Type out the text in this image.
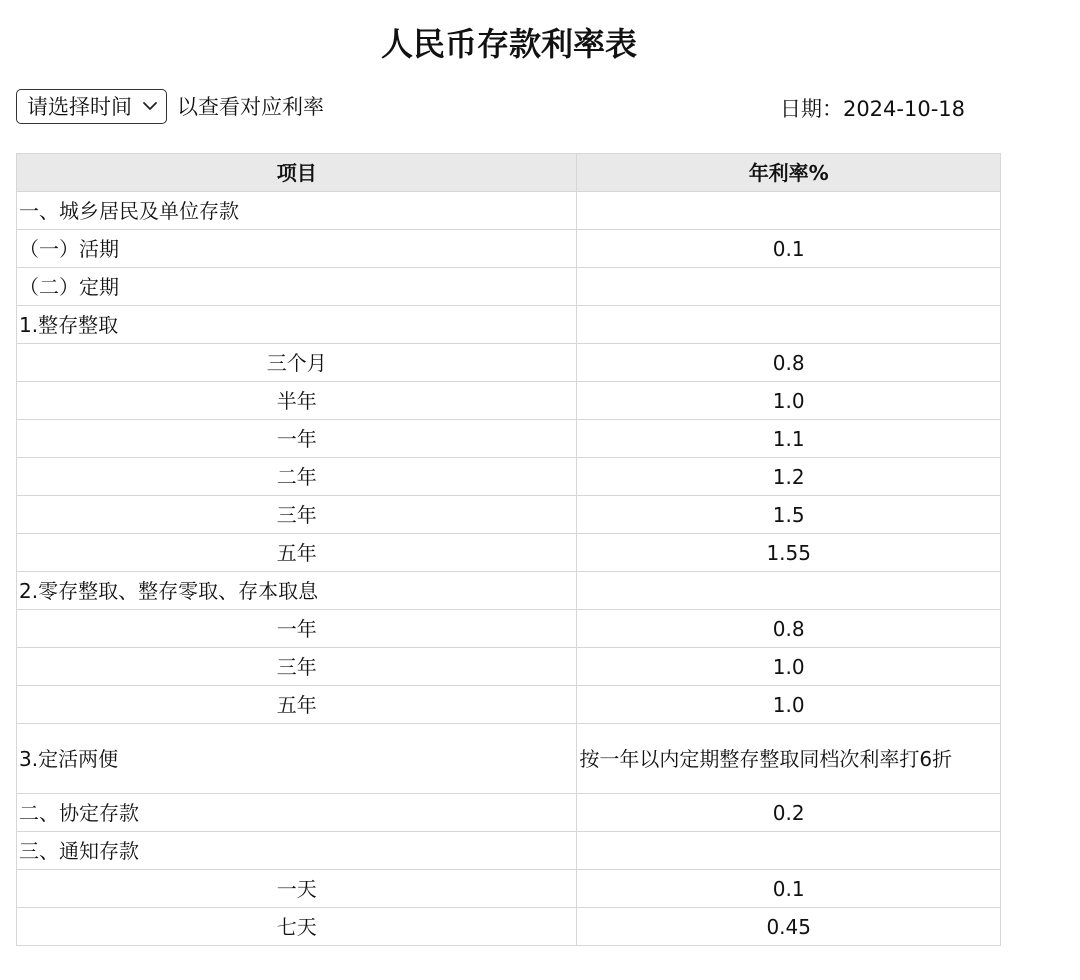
人民币存款利率表
请选择时间 以查看对应利率	日期：2024-10-18
项目	年利率%
一、城乡居民及单位存款	
（一）活期	0.1
（二）定期	
1.整存整取	
三个月	0.8
半年	1.0
一年	1.1
二年	1.2
三年	1.5
五年	1.55
2.零存整取、整存零取、存本取息	
一年	0.8
三年	1.0
五年	1.0
3.定活两便	按一年以内定期整存整取同档次利率打6折
二、协定存款	0.2
三、通知存款	
一天	0.1
七天	0.45
